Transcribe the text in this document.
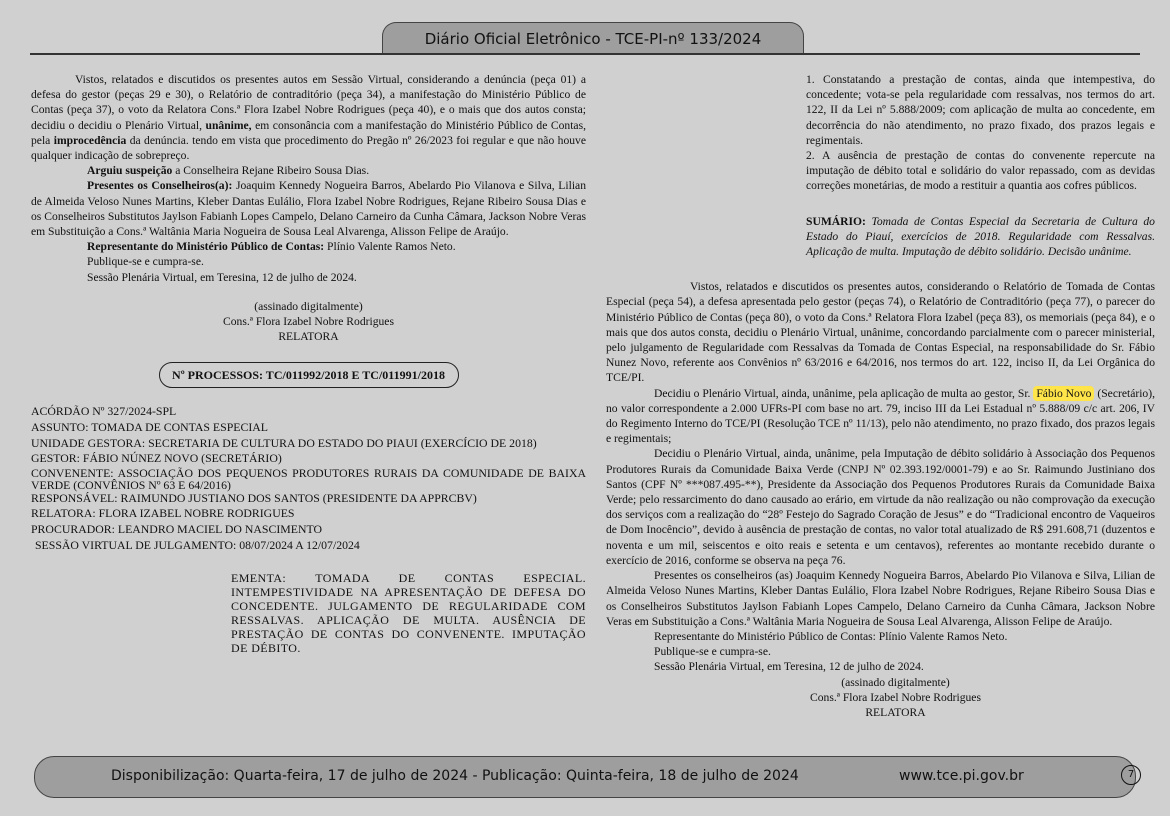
Diário Oficial Eletrônico - TCE-PI-nº 133/2024

Vistos, relatados e discutidos os presentes autos em Sessão Virtual, considerando a denúncia (peça 01) a defesa do gestor (peças 29 e 30), o Relatório de contraditório (peça 34), a manifestação do Ministério Público de Contas (peça 37), o voto da Relatora Cons.ª Flora Izabel Nobre Rodrigues (peça 40), e o mais que dos autos consta; decidiu o decidiu o Plenário Virtual, unânime, em consonância com a manifestação do Ministério Público de Contas, pela improcedência da denúncia. tendo em vista que procedimento do Pregão nº 26/2023 foi regular e que não houve qualquer indicação de sobrepreço.

Arguiu suspeição a Conselheira Rejane Ribeiro Sousa Dias.

Presentes os Conselheiros(a): Joaquim Kennedy Nogueira Barros, Abelardo Pio Vilanova e Silva, Lilian de Almeida Veloso Nunes Martins, Kleber Dantas Eulálio, Flora Izabel Nobre Rodrigues, Rejane Ribeiro Sousa Dias e os Conselheiros Substitutos Jaylson Fabianh Lopes Campelo, Delano Carneiro da Cunha Câmara, Jackson Nobre Veras em Substituição a Cons.ª Waltânia Maria Nogueira de Sousa Leal Alvarenga, Alisson Felipe de Araújo.

Representante do Ministério Público de Contas: Plínio Valente Ramos Neto.

Publique-se e cumpra-se.

Sessão Plenária Virtual, em Teresina, 12 de julho de 2024.

(assinado digitalmente)

Cons.ª Flora Izabel Nobre Rodrigues

RELATORA

Nº PROCESSOS: TC/011992/2018 E TC/011991/2018

ACÓRDÃO Nº 327/2024-SPL

ASSUNTO: TOMADA DE CONTAS ESPECIAL

UNIDADE GESTORA: SECRETARIA DE CULTURA DO ESTADO DO PIAUI (EXERCÍCIO DE 2018)

GESTOR: FÁBIO NÚNEZ NOVO (SECRETÁRIO)

CONVENENTE: ASSOCIAÇÃO DOS PEQUENOS PRODUTORES RURAIS DA COMUNIDADE DE BAIXA VERDE (CONVÊNIOS Nº 63 E 64/2016)

RESPONSÁVEL: RAIMUNDO JUSTIANO DOS SANTOS (PRESIDENTE DA APPRCBV)

RELATORA: FLORA IZABEL NOBRE RODRIGUES

PROCURADOR: LEANDRO MACIEL DO NASCIMENTO

SESSÃO VIRTUAL DE JULGAMENTO: 08/07/2024 A 12/07/2024

EMENTA: TOMADA DE CONTAS ESPECIAL. INTEMPESTIVIDADE NA APRESENTAÇÃO DE DEFESA DO CONCEDENTE. JULGAMENTO DE REGULARIDADE COM RESSALVAS. APLICAÇÃO DE MULTA. AUSÊNCIA DE PRESTAÇÃO DE CONTAS DO CONVENENTE. IMPUTAÇÃO DE DÉBITO.

1. Constatando a prestação de contas, ainda que intempestiva, do concedente; vota-se pela regularidade com ressalvas, nos termos do art. 122, II da Lei nº 5.888/2009; com aplicação de multa ao concedente, em decorrência do não atendimento, no prazo fixado, dos prazos legais e regimentais.

2. A ausência de prestação de contas do convenente repercute na imputação de débito total e solidário do valor repassado, com as devidas correções monetárias, de modo a restituir a quantia aos cofres públicos.

SUMÁRIO: Tomada de Contas Especial da Secretaria de Cultura do Estado do Piauí, exercícios de 2018. Regularidade com Ressalvas. Aplicação de multa. Imputação de débito solidário. Decisão unânime.

Vistos, relatados e discutidos os presentes autos, considerando o Relatório de Tomada de Contas Especial (peça 54), a defesa apresentada pelo gestor (peças 74), o Relatório de Contraditório (peça 77), o parecer do Ministério Público de Contas (peça 80), o voto da Cons.ª Relatora Flora Izabel (peça 83), os memoriais (peça 84), e o mais que dos autos consta, decidiu o Plenário Virtual, unânime, concordando parcialmente com o parecer ministerial, pelo julgamento de Regularidade com Ressalvas da Tomada de Contas Especial, na responsabilidade do Sr. Fábio Nunez Novo, referente aos Convênios nº 63/2016 e 64/2016, nos termos do art. 122, inciso II, da Lei Orgânica do TCE/PI.

Decidiu o Plenário Virtual, ainda, unânime, pela aplicação de multa ao gestor, Sr. Fábio Novo (Secretário), no valor correspondente a 2.000 UFRs-PI com base no art. 79, inciso III da Lei Estadual nº 5.888/09 c/c art. 206, IV do Regimento Interno do TCE/PI (Resolução TCE nº 11/13), pelo não atendimento, no prazo fixado, dos prazos legais e regimentais;

Decidiu o Plenário Virtual, ainda, unânime, pela Imputação de débito solidário à Associação dos Pequenos Produtores Rurais da Comunidade Baixa Verde (CNPJ Nº 02.393.192/0001-79) e ao Sr. Raimundo Justiniano dos Santos (CPF Nº ***087.495-**), Presidente da Associação dos Pequenos Produtores Rurais da Comunidade Baixa Verde; pelo ressarcimento do dano causado ao erário, em virtude da não realização ou não comprovação da execução dos serviços com a realização do “28º Festejo do Sagrado Coração de Jesus” e do “Tradicional encontro de Vaqueiros de Dom Inocêncio”, devido à ausência de prestação de contas, no valor total atualizado de R$ 291.608,71 (duzentos e noventa e um mil, seiscentos e oito reais e setenta e um centavos), referentes ao montante recebido durante o exercício de 2016, conforme se observa na peça 76.

Presentes os conselheiros (as) Joaquim Kennedy Nogueira Barros, Abelardo Pio Vilanova e Silva, Lilian de Almeida Veloso Nunes Martins, Kleber Dantas Eulálio, Flora Izabel Nobre Rodrigues, Rejane Ribeiro Sousa Dias e os Conselheiros Substitutos Jaylson Fabianh Lopes Campelo, Delano Carneiro da Cunha Câmara, Jackson Nobre Veras em Substituição a Cons.ª Waltânia Maria Nogueira de Sousa Leal Alvarenga, Alisson Felipe de Araújo.

Representante do Ministério Público de Contas: Plínio Valente Ramos Neto.

Publique-se e cumpra-se.

Sessão Plenária Virtual, em Teresina, 12 de julho de 2024.

(assinado digitalmente)

Cons.ª Flora Izabel Nobre Rodrigues

RELATORA

Disponibilização: Quarta-feira, 17 de julho de 2024 - Publicação: Quinta-feira, 18 de julho de 2024	www.tce.pi.gov.br	7
